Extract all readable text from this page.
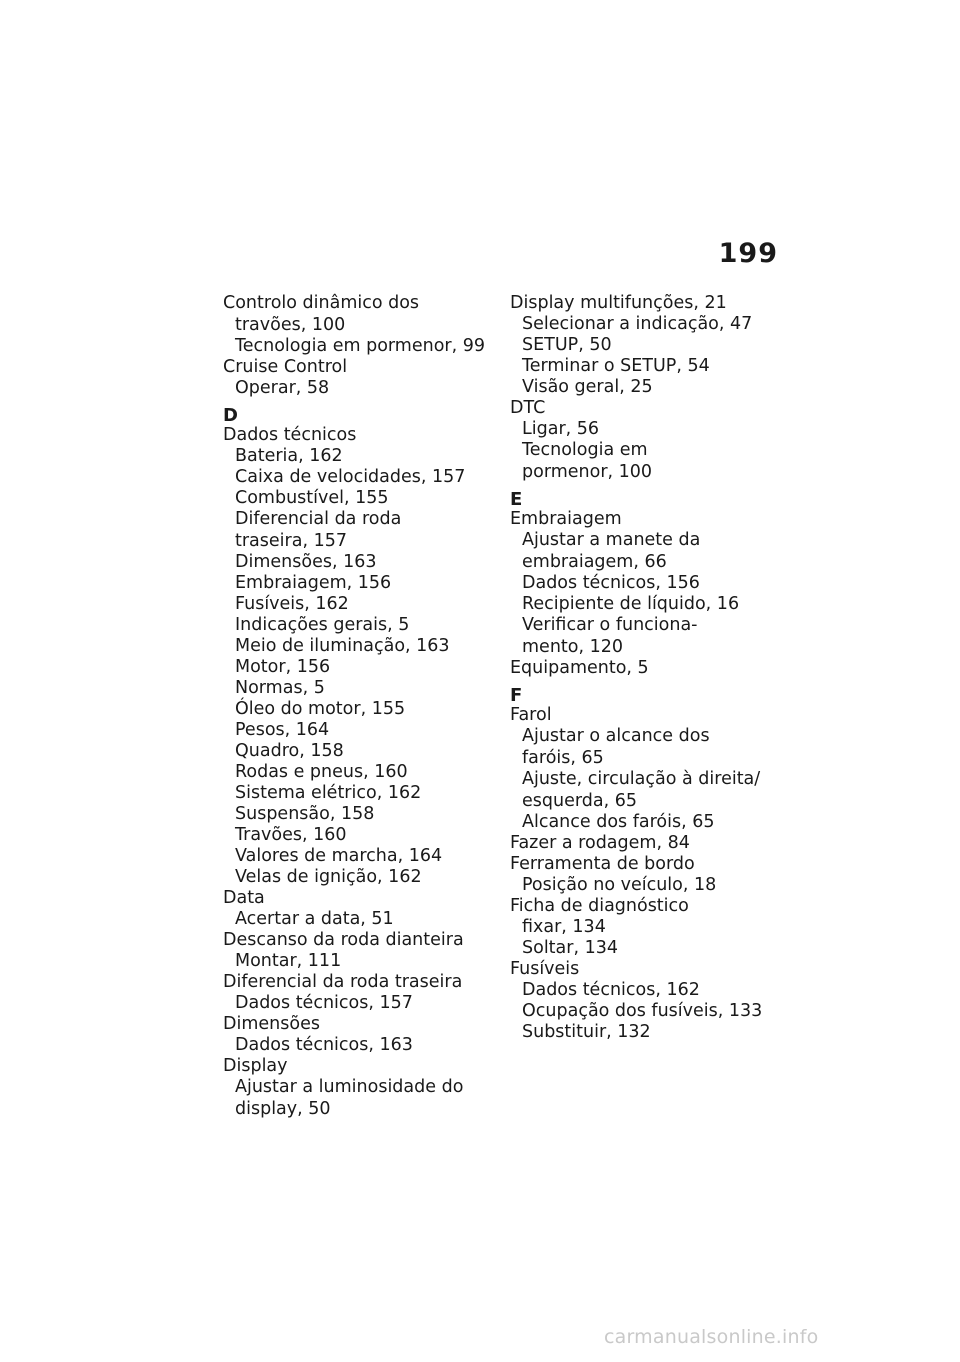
199
Controlo dinâmico dos
travões, 100
Tecnologia em pormenor, 99
Cruise Control
Operar, 58
D
Dados técnicos
Bateria, 162
Caixa de velocidades, 157
Combustível, 155
Diferencial da roda
traseira, 157
Dimensões, 163
Embraiagem, 156
Fusíveis, 162
Indicações gerais, 5
Meio de iluminação, 163
Motor, 156
Normas, 5
Óleo do motor, 155
Pesos, 164
Quadro, 158
Rodas e pneus, 160
Sistema elétrico, 162
Suspensão, 158
Travões, 160
Valores de marcha, 164
Velas de ignição, 162
Data
Acertar a data, 51
Descanso da roda dianteira
Montar, 111
Diferencial da roda traseira
Dados técnicos, 157
Dimensões
Dados técnicos, 163
Display
Ajustar a luminosidade do
display, 50
Display multifunções, 21
Selecionar a indicação, 47
SETUP, 50
Terminar o SETUP, 54
Visão geral, 25
DTC
Ligar, 56
Tecnologia em
pormenor, 100
E
Embraiagem
Ajustar a manete da
embraiagem, 66
Dados técnicos, 156
Recipiente de líquido, 16
Verificar o funciona-
mento, 120
Equipamento, 5
F
Farol
Ajustar o alcance dos
faróis, 65
Ajuste, circulação à direita/
esquerda, 65
Alcance dos faróis, 65
Fazer a rodagem, 84
Ferramenta de bordo
Posição no veículo, 18
Ficha de diagnóstico
fixar, 134
Soltar, 134
Fusíveis
Dados técnicos, 162
Ocupação dos fusíveis, 133
Substituir, 132
carmanualsonline.info
